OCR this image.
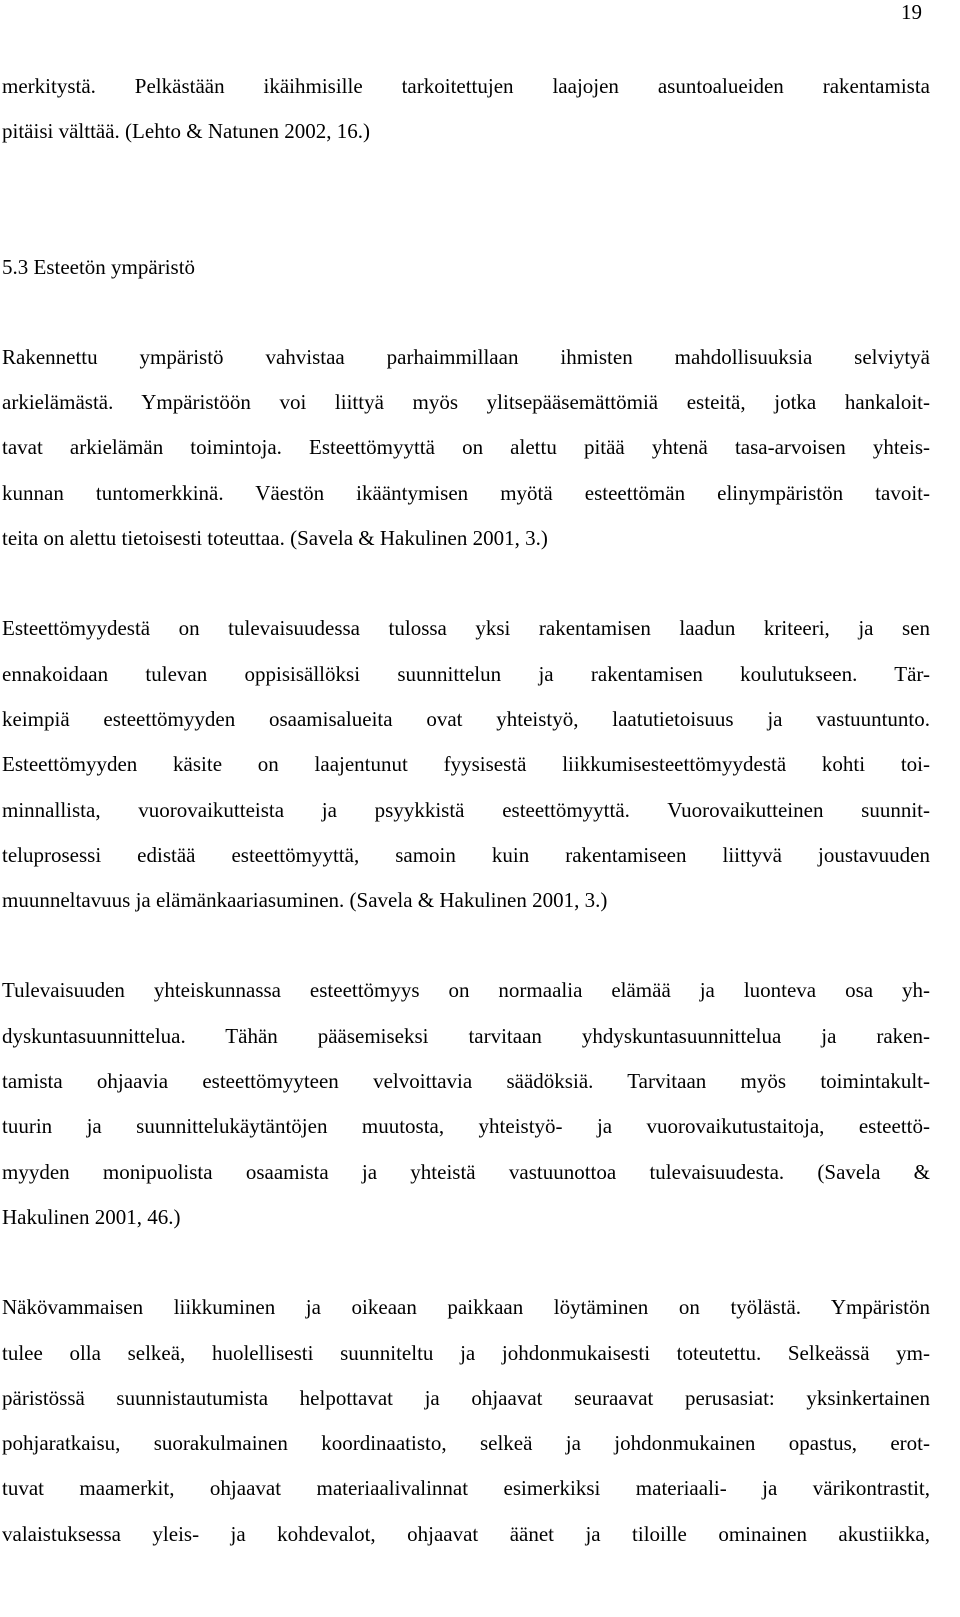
19
merkitystä. Pelkästään ikäihmisille tarkoitettujen laajojen asuntoalueiden rakentamista
pitäisi välttää. (Lehto & Natunen 2002, 16.)
5.3 Esteetön ympäristö
Rakennettu ympäristö vahvistaa parhaimmillaan ihmisten mahdollisuuksia selviytyä
arkielämästä. Ympäristöön voi liittyä myös ylitsepääsemättömiä esteitä, jotka hankaloit-
tavat arkielämän toimintoja. Esteettömyyttä on alettu pitää yhtenä tasa-arvoisen yhteis-
kunnan tuntomerkkinä. Väestön ikääntymisen myötä esteettömän elinympäristön tavoit-
teita on alettu tietoisesti toteuttaa. (Savela & Hakulinen 2001, 3.)
Esteettömyydestä on tulevaisuudessa tulossa yksi rakentamisen laadun kriteeri, ja sen
ennakoidaan tulevan oppisisällöksi suunnittelun ja rakentamisen koulutukseen. Tär-
keimpiä esteettömyyden osaamisalueita ovat yhteistyö, laatutietoisuus ja vastuuntunto.
Esteettömyyden käsite on laajentunut fyysisestä liikkumisesteettömyydestä kohti toi-
minnallista, vuorovaikutteista ja psyykkistä esteettömyyttä. Vuorovaikutteinen suunnit-
teluprosessi edistää esteettömyyttä, samoin kuin rakentamiseen liittyvä joustavuuden
muunneltavuus ja elämänkaariasuminen. (Savela & Hakulinen 2001, 3.)
Tulevaisuuden yhteiskunnassa esteettömyys on normaalia elämää ja luonteva osa yh-
dyskuntasuunnittelua. Tähän pääsemiseksi tarvitaan yhdyskuntasuunnittelua ja raken-
tamista ohjaavia esteettömyyteen velvoittavia säädöksiä. Tarvitaan myös toimintakult-
tuurin ja suunnittelukäytäntöjen muutosta, yhteistyö- ja vuorovaikutustaitoja, esteettö-
myyden monipuolista osaamista ja yhteistä vastuunottoa tulevaisuudesta. (Savela &
Hakulinen 2001, 46.)
Näkövammaisen liikkuminen ja oikeaan paikkaan löytäminen on työlästä. Ympäristön
tulee olla selkeä, huolellisesti suunniteltu ja johdonmukaisesti toteutettu. Selkeässä ym-
päristössä suunnistautumista helpottavat ja ohjaavat seuraavat perusasiat: yksinkertainen
pohjaratkaisu, suorakulmainen koordinaatisto, selkeä ja johdonmukainen opastus, erot-
tuvat maamerkit, ohjaavat materiaalivalinnat esimerkiksi materiaali- ja värikontrastit,
valaistuksessa yleis- ja kohdevalot, ohjaavat äänet ja tiloille ominainen akustiikka,
